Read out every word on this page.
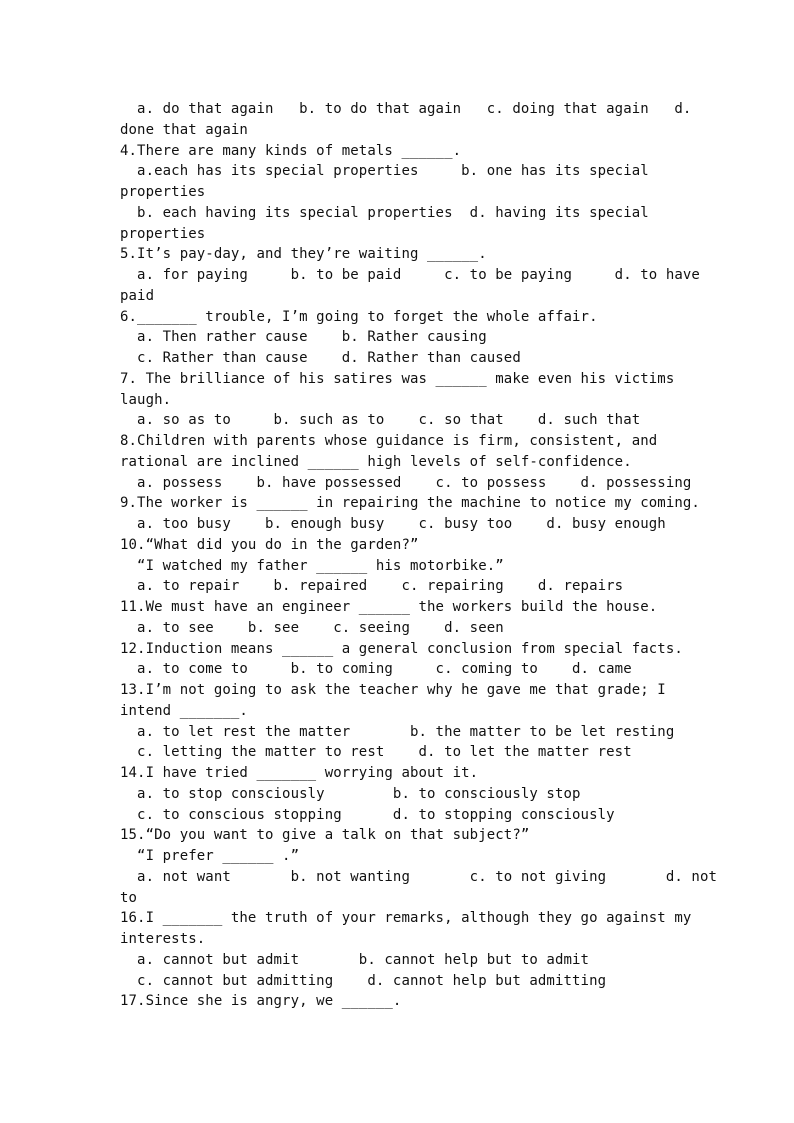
a. do that again   b. to do that again   c. doing that again   d.
done that again
4.There are many kinds of metals ______.
a.each has its special properties     b. one has its special
properties
b. each having its special properties  d. having its special
properties
5.It’s pay-day, and they’re waiting ______.
a. for paying     b. to be paid     c. to be paying     d. to have
paid
6._______ trouble, I’m going to forget the whole affair.
a. Then rather cause    b. Rather causing
c. Rather than cause    d. Rather than caused
7. The brilliance of his satires was ______ make even his victims
laugh.
a. so as to     b. such as to    c. so that    d. such that
8.Children with parents whose guidance is firm, consistent, and
rational are inclined ______ high levels of self-confidence.
a. possess    b. have possessed    c. to possess    d. possessing
9.The worker is ______ in repairing the machine to notice my coming.
a. too busy    b. enough busy    c. busy too    d. busy enough
10.“What did you do in the garden?”
“I watched my father ______ his motorbike.”
a. to repair    b. repaired    c. repairing    d. repairs
11.We must have an engineer ______ the workers build the house.
a. to see    b. see    c. seeing    d. seen
12.Induction means ______ a general conclusion from special facts.
a. to come to     b. to coming     c. coming to    d. came
13.I’m not going to ask the teacher why he gave me that grade; I
intend _______.
a. to let rest the matter       b. the matter to be let resting
c. letting the matter to rest    d. to let the matter rest
14.I have tried _______ worrying about it.
a. to stop consciously        b. to consciously stop
c. to conscious stopping      d. to stopping consciously
15.“Do you want to give a talk on that subject?”
“I prefer ______ .”
a. not want       b. not wanting       c. to not giving       d. not
to
16.I _______ the truth of your remarks, although they go against my
interests.
a. cannot but admit       b. cannot help but to admit
c. cannot but admitting    d. cannot help but admitting
17.Since she is angry, we ______.
